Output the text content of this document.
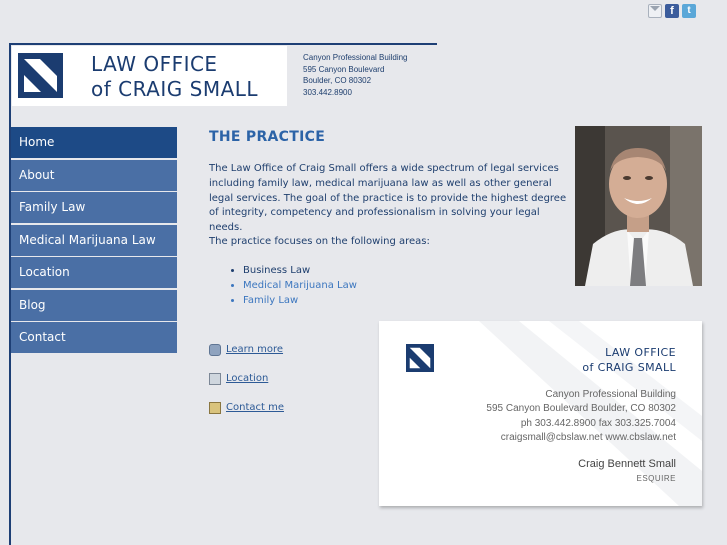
f	t
LAW OFFICE
of CRAIG SMALL
Canyon Professional Building
595 Canyon Boulevard
Boulder, CO 80302
303.442.8900
Home
About
Family Law
Medical Marijuana Law
Location
Blog
Contact
THE PRACTICE
The Law Office of Craig Small offers a wide spectrum of legal services including family law, medical marijuana law as well as other general legal services. The goal of the practice is to provide the highest degree of integrity, competency and professionalism in solving your legal needs.
The practice focuses on the following areas:
• Business Law
• Medical Marijuana Law
• Family Law
Learn more
Location
Contact me
LAW OFFICE
of CRAIG SMALL
Canyon Professional Building
595 Canyon Boulevard Boulder, CO 80302
ph 303.442.8900 fax 303.325.7004
craigsmall@cbslaw.net www.cbslaw.net
Craig Bennett Small
ESQUIRE
